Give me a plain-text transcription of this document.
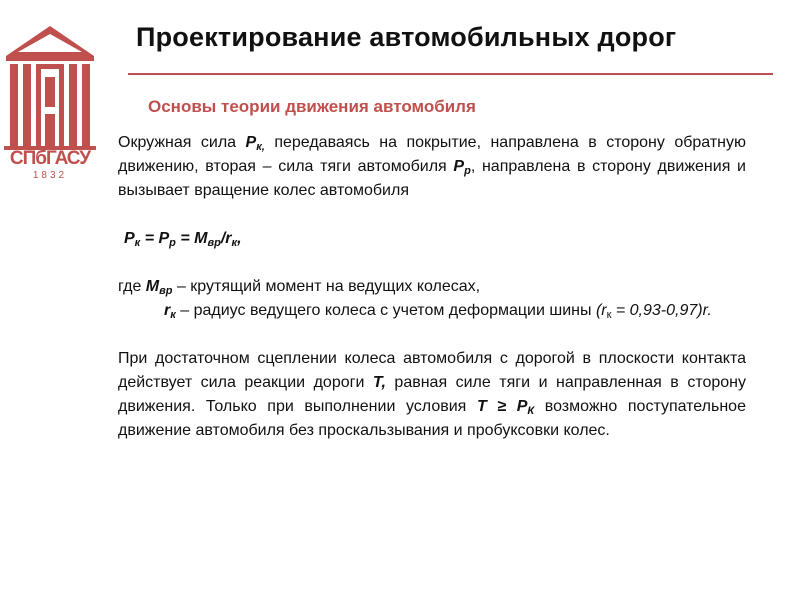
СПбГАСУ
1832
Проектирование автомобильных дорог
Основы теории движения автомобиля

Окружная сила $P_{к,}$ передаваясь на покрытие, направлена в сторону обратную движению, вторая – сила тяги автомобиля $P_р$, направлена в сторону движения и вызывает вращение колес автомобиля

$P_к = P_р = M_{вр}/r_к$,

где $M_{вр}$ – крутящий момент на ведущих колесах,

$r_к$ – радиус ведущего колеса с учетом деформации шины $(r_к = 0,93-0,97)r$.

При достаточном сцеплении колеса автомобиля с дорогой в плоскости контакта действует сила реакции дороги T, равная силе тяги и направленная в сторону движения. Только при выполнении условия $T \ge P_К$ возможно поступательное движение автомобиля без проскальзывания и пробуксовки колес.
